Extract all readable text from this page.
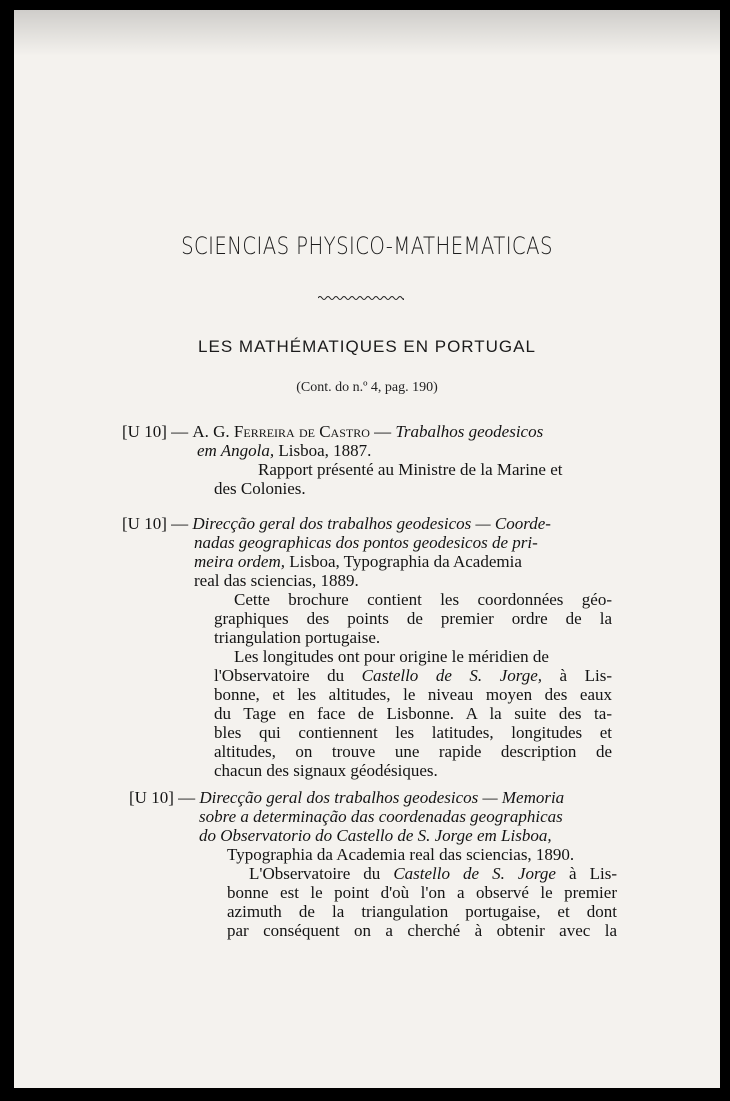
SCIENCIAS PHYSICO-MATHEMATICAS
LES MATHÉMATIQUES EN PORTUGAL
(Cont. do n.º 4, pag. 190)
[U 10] — A. G. Ferreira de Castro — Trabalhos geodesicos
em Angola, Lisboa, 1887.
Rapport présenté au Ministre de la Marine et
des Colonies.
[U 10] — Direcção geral dos trabalhos geodesicos — Coorde-
nadas geographicas dos pontos geodesicos de pri-
meira ordem, Lisboa, Typographia da Academia
real das sciencias, 1889.
Cette brochure contient les coordonnées géo-
graphiques des points de premier ordre de la
triangulation portugaise.
Les longitudes ont pour origine le méridien de
l'Observatoire du Castello de S. Jorge, à Lis-
bonne, et les altitudes, le niveau moyen des eaux
du Tage en face de Lisbonne. A la suite des ta-
bles qui contiennent les latitudes, longitudes et
altitudes, on trouve une rapide description de
chacun des signaux géodésiques.
[U 10] — Direcção geral dos trabalhos geodesicos — Memoria
sobre a determinação das coordenadas geographicas
do Observatorio do Castello de S. Jorge em Lisboa,
Typographia da Academia real das sciencias, 1890.
L'Observatoire du Castello de S. Jorge à Lis-
bonne est le point d'où l'on a observé le premier
azimuth de la triangulation portugaise, et dont
par conséquent on a cherché à obtenir avec la
